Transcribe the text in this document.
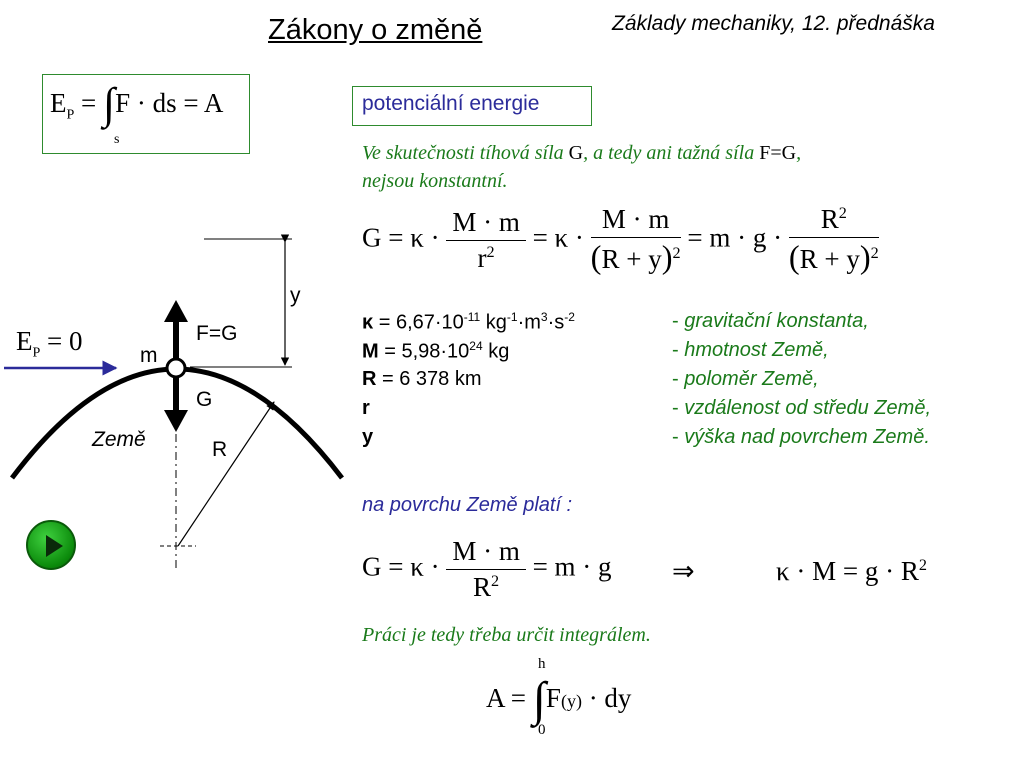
Zákony o změně	Základy mechaniky, 12. přednáška
$E_P = \int F$ · ds = A
s
potenciální energie
Ve skutečnosti tíhová síla G, a tedy ani tažná síla F=G,
nejsou konstantní.
$G = \kappa \cdot \frac{M \cdot m}{r^2} = \kappa \cdot \frac{M \cdot m}{(R + y)^2} = m \cdot g \cdot \frac{R^2}{(R + y)^2}$
$\kappa = 6,67\cdot 10^{-11}$ $kg^{-1}\cdot m^3\cdot s^{-2}$	- gravitační konstanta,
$M = 5,98\cdot 10^{24}$ kg	- hmotnost Země,
R = 6 378 km	- poloměr Země,
r	- vzdálenost od středu Země,
y	- výška nad povrchem Země.
na povrchu Země platí :
$G = \kappa \cdot \frac{M \cdot m}{R^2} = m \cdot g$ ⇒	$\kappa \cdot M = g \cdot R^2$
Práci je tedy třeba určit integrálem.
h
0
A = ∫F(y) · dy
$E_P = 0$	m
F=G
G
y
Země	R
